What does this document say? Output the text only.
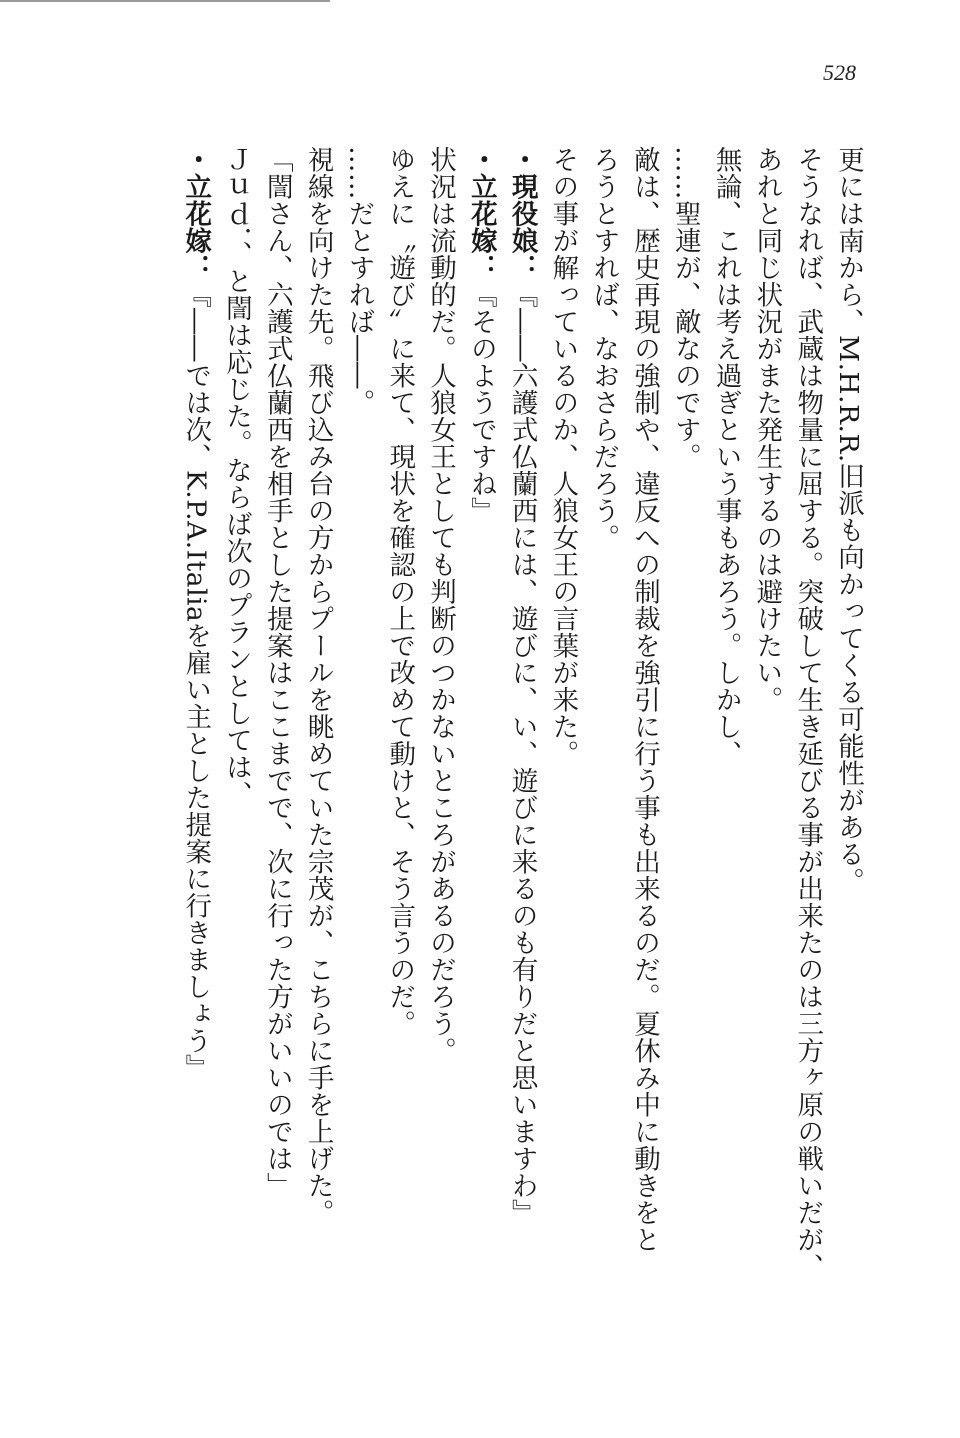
528

更には南から、M.H.R.R.旧派も向かってくる可能性がある。

そうなれば、武蔵は物量に屈する。突破して生き延びる事が出来たのは三方ヶ原の戦いだが、

あれと同じ状況がまた発生するのは避けたい。

無論、これは考え過ぎという事もあろう。しかし、

……聖連が、敵なのです。

敵は、歴史再現の強制や、違反への制裁を強引に行う事も出来るのだ。夏休み中に動きをと

ろうとすれば、なおさらだろう。

その事が解っているのか、人狼女王の言葉が来た。

・現役娘：『――六護式仏蘭西には、遊びに、い、遊びに来るのも有りだと思いますわ』

・立花嫁：『そのようですね』

状況は流動的だ。人狼女王としても判断のつかないところがあるのだろう。

ゆえに〝遊び〟に来て、現状を確認の上で改めて動けと、そう言うのだ。

……だとすれば――。

視線を向けた先。飛び込み台の方からプールを眺めていた宗茂が、こちらに手を上げた。

「誾さん、六護式仏蘭西を相手とした提案はここまでで、次に行った方がいいのでは」

Ｊｕｄ．、と誾は応じた。ならば次のプランとしては、

・立花嫁：『――では次、K.P.A.Italiaを雇い主とした提案に行きましょう』
